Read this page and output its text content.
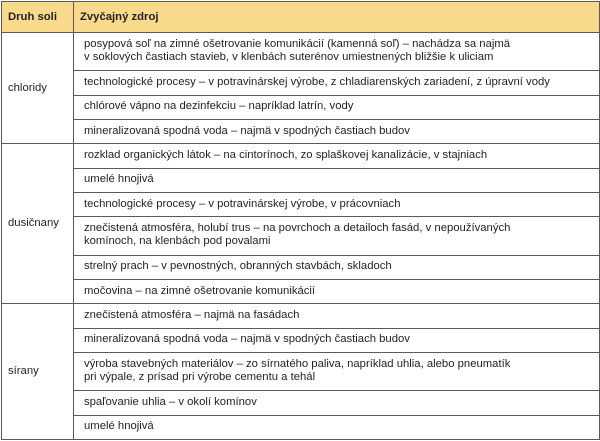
Druh soli	Zvyčajný zdroj
chloridy	posypová soľ na zimné ošetrovanie komunikácií (kamenná soľ) – nachádza sa najmä
v soklových častiach stavieb, v klenbách suterénov umiestnených bližšie k uliciam

	technologické procesy – v potravinárskej výrobe, z chladiarenských zariadení, z úpravní vody

	chlórové vápno na dezinfekciu – napríklad latrín, vody

	mineralizovaná spodná voda – najmä v spodných častiach budov

dusičnany	rozklad organických látok – na cintorínoch, zo splaškovej kanalizácie, v stajniach

	umelé hnojivá

	technologické procesy – v potravinárskej výrobe, v prácovniach

	znečistená atmosféra, holubí trus – na povrchoch a detailoch fasád, v nepoužívaných
komínoch, na klenbách pod povalami

	strelný prach – v pevnostných, obranných stavbách, skladoch

	močovina – na zimné ošetrovanie komunikácií

sírany	znečistená atmosféra – najmä na fasádach

	mineralizovaná spodná voda – najmä v spodných častiach budov

	výroba stavebných materiálov – zo sírnatého paliva, napríklad uhlia, alebo pneumatík
pri výpale, z prísad pri výrobe cementu a tehál

	spaľovanie uhlia – v okolí komínov

	umelé hnojivá
